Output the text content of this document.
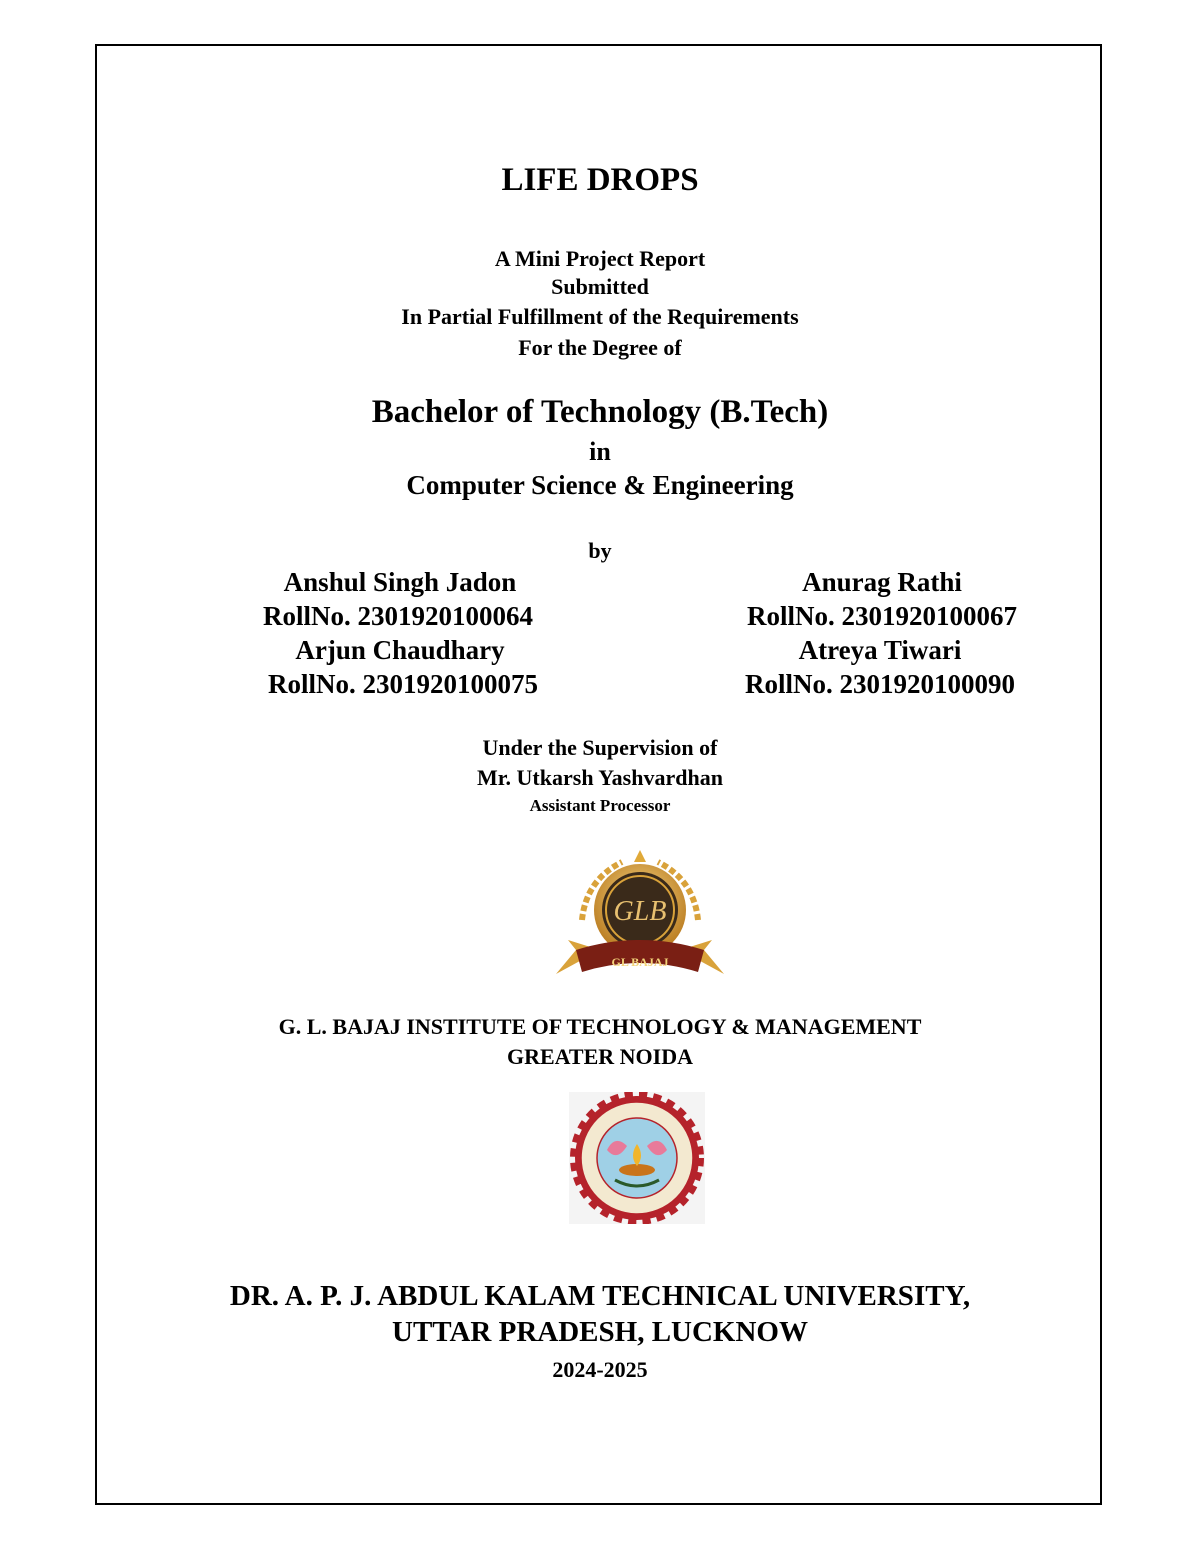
LIFE DROPS
A Mini Project Report
Submitted
In Partial Fulfillment of the Requirements
For the Degree of
Bachelor of Technology (B.Tech)
in
Computer Science & Engineering
by
Anshul Singh Jadon
RollNo. 2301920100064
Arjun Chaudhary
RollNo. 2301920100075
Anurag Rathi
RollNo. 2301920100067
Atreya Tiwari
RollNo. 2301920100090
Under the Supervision of
Mr. Utkarsh Yashvardhan
Assistant Processor
GLB
GL BAJAJ
G. L. BAJAJ INSTITUTE OF TECHNOLOGY & MANAGEMENT
GREATER NOIDA
DR. A. P. J. ABDUL KALAM TECHNICAL UNIVERSITY,
UTTAR PRADESH, LUCKNOW
2024-2025
